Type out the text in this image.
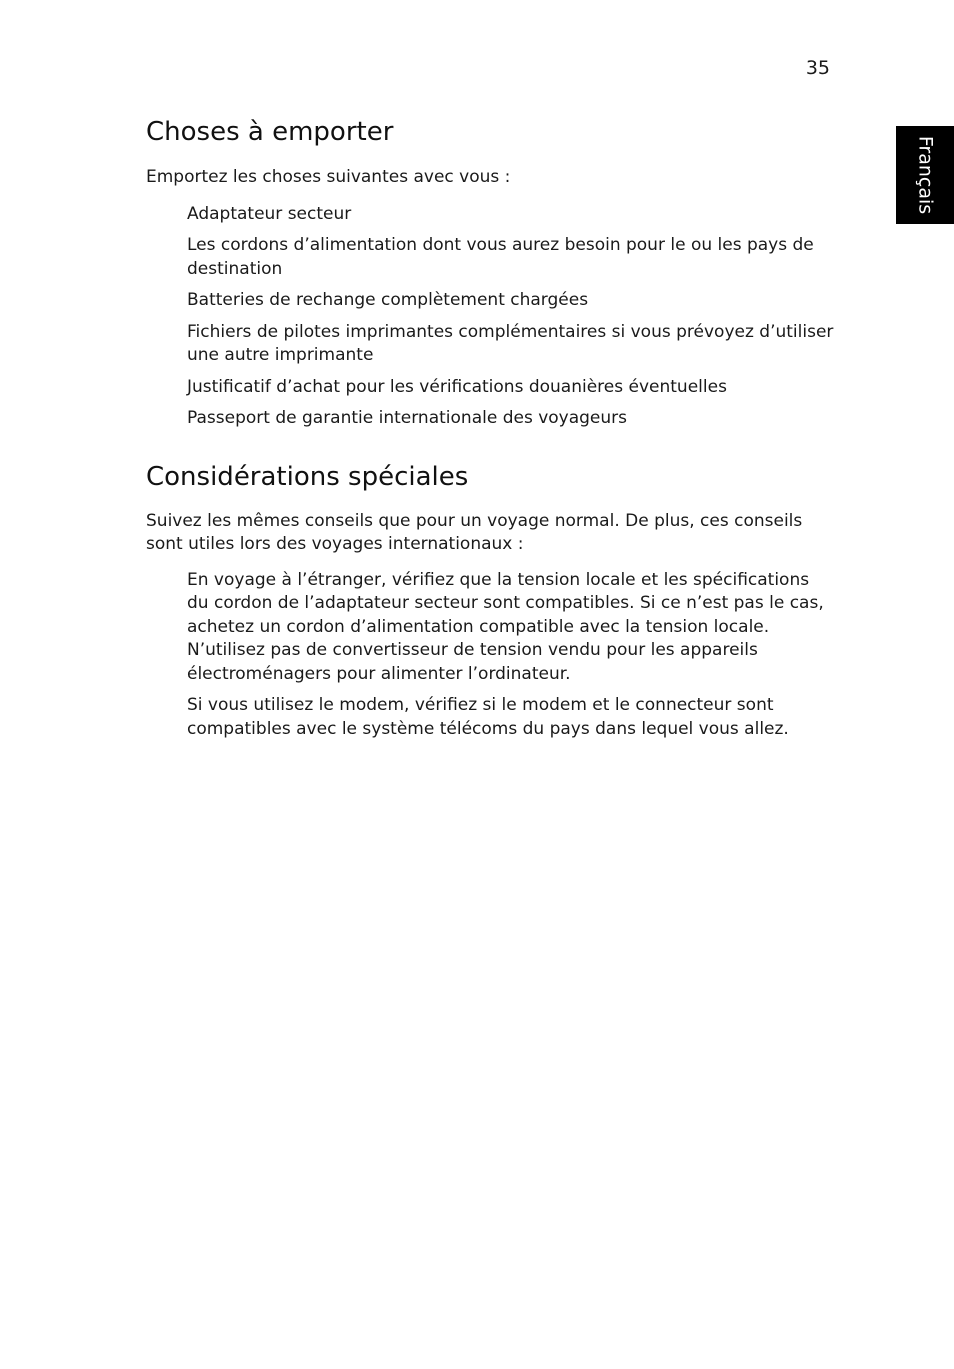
35
Français
Choses à emporter

Emportez les choses suivantes avec vous :

Adaptateur secteur
Les cordons d’alimentation dont vous aurez besoin pour le ou les pays de destination
Batteries de rechange complètement chargées
Fichiers de pilotes imprimantes complémentaires si vous prévoyez d’utiliser une autre imprimante
Justificatif d’achat pour les vérifications douanières éventuelles
Passeport de garantie internationale des voyageurs
Considérations spéciales

Suivez les mêmes conseils que pour un voyage normal. De plus, ces conseils sont utiles lors des voyages internationaux :

En voyage à l’étranger, vérifiez que la tension locale et les spécifications du cordon de l’adaptateur secteur sont compatibles. Si ce n’est pas le cas, achetez un cordon d’alimentation compatible avec la tension locale. N’utilisez pas de convertisseur de tension vendu pour les appareils électroménagers pour alimenter l’ordinateur.
Si vous utilisez le modem, vérifiez si le modem et le connecteur sont compatibles avec le système télécoms du pays dans lequel vous allez.
